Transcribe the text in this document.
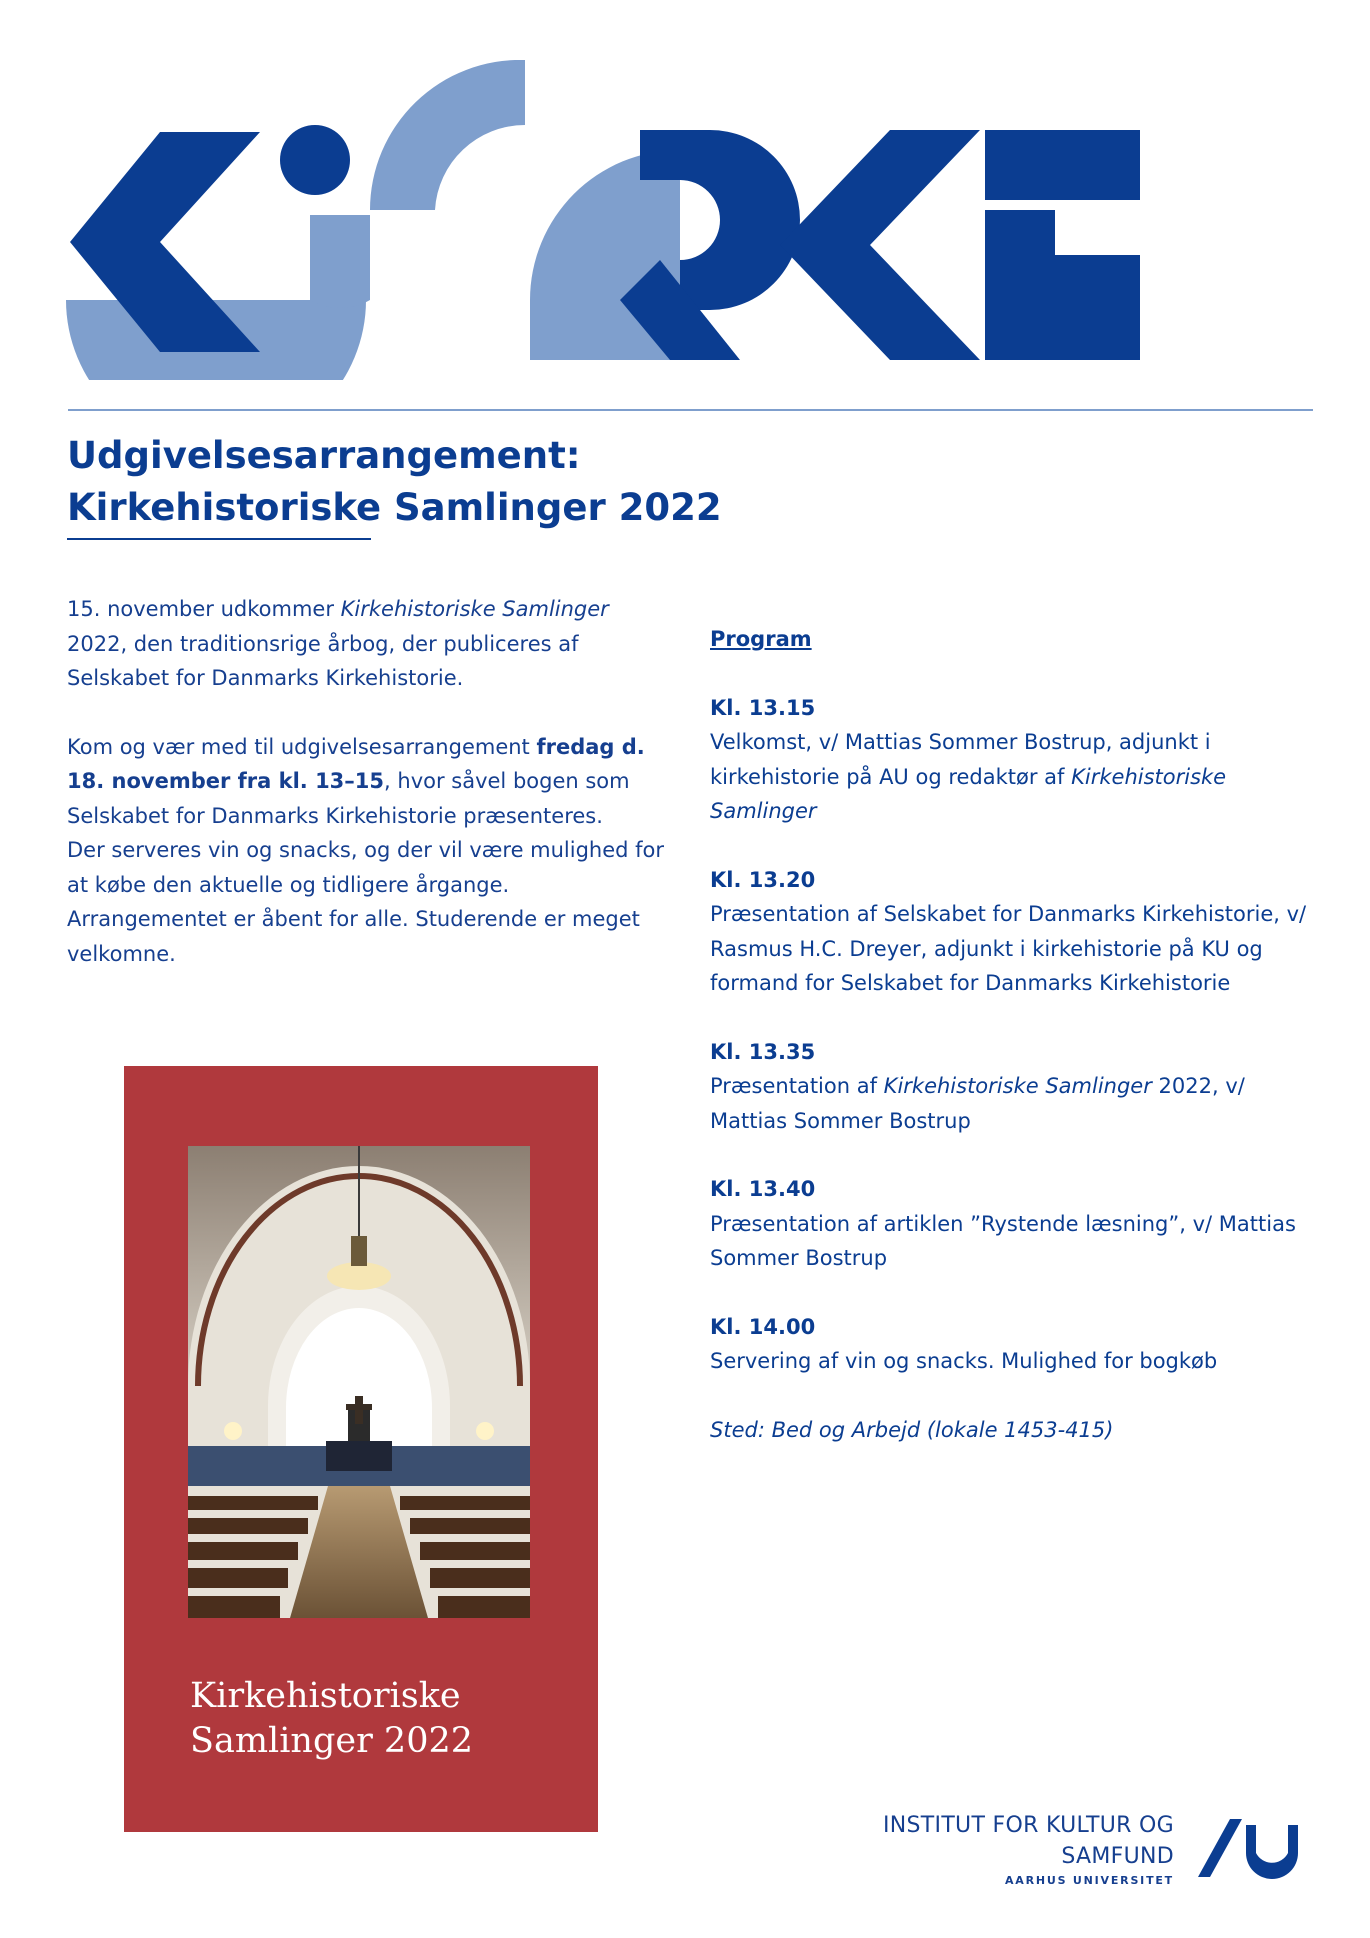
Udgivelsesarrangement:
Kirkehistoriske Samlinger 2022

15. november udkommer Kirkehistoriske Samlinger 2022, den traditionsrige årbog, der publiceres af Selskabet for Danmarks Kirkehistorie.

Kom og vær med til udgivelsesarrangement fredag d. 18. november fra kl. 13–15, hvor såvel bogen som Selskabet for Danmarks Kirkehistorie præsenteres.

Der serveres vin og snacks, og der vil være mulighed for at købe den aktuelle og tidligere årgange.

Arrangementet er åbent for alle. Studerende er meget velkomne.

Kirkehistoriske
Samlinger 2022
Program
Kl. 13.15
Velkomst, v/ Mattias Sommer Bostrup, adjunkt i kirkehistorie på AU og redaktør af Kirkehistoriske Samlinger
Kl. 13.20
Præsentation af Selskabet for Danmarks Kirkehistorie, v/ Rasmus H.C. Dreyer, adjunkt i kirkehistorie på KU og formand for Selskabet for Danmarks Kirkehistorie
Kl. 13.35
Præsentation af Kirkehistoriske Samlinger 2022, v/ Mattias Sommer Bostrup
Kl. 13.40
Præsentation af artiklen ”Rystende læsning”, v/ Mattias Sommer Bostrup
Kl. 14.00
Servering af vin og snacks. Mulighed for bogkøb
Sted: Bed og Arbejd (lokale 1453-415)
INSTITUT FOR KULTUR OG
SAMFUND
AARHUS UNIVERSITET
